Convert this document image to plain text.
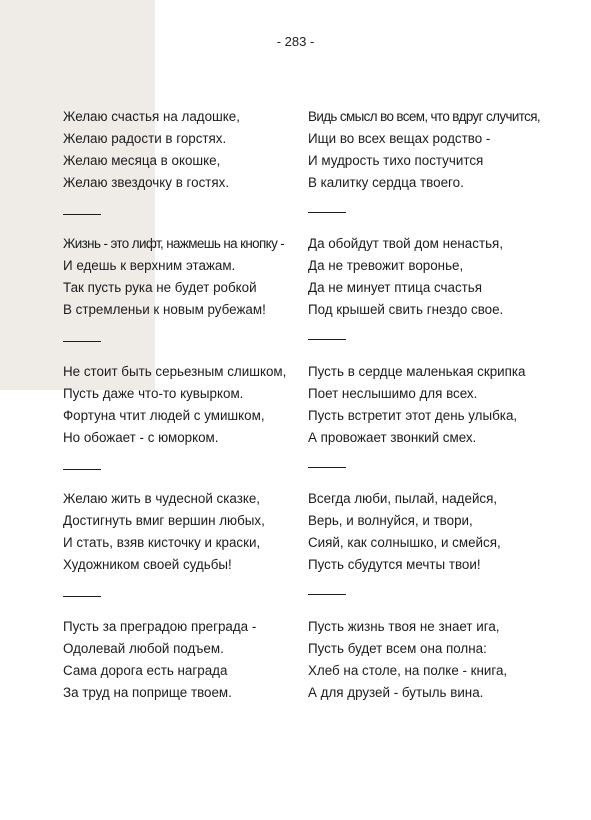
- 283 -
Желаю счастья на ладошке,
Желаю радости в горстях.
Желаю месяца в окошке,
Желаю звездочку в гостях.
Жизнь - это лифт, нажмешь на кнопку -
И едешь к верхним этажам.
Так пусть рука не будет робкой
В стремленьи к новым рубежам!
Не стоит быть серьезным слишком,
Пусть даже что-то кувырком.
Фортуна чтит людей с умишком,
Но обожает - с юморком.
Желаю жить в чудесной сказке,
Достигнуть вмиг вершин любых,
И стать, взяв кисточку и краски,
Художником своей судьбы!
Пусть за преградою преграда -
Одолевай любой подъем.
Сама дорога есть награда
За труд на поприще твоем.
Видь смысл во всем, что вдруг случится,
Ищи во всех вещах родство -
И мудрость тихо постучится
В калитку сердца твоего.
Да обойдут твой дом ненастья,
Да не тревожит воронье,
Да не минует птица счастья
Под крышей свить гнездо свое.
Пусть в сердце маленькая скрипка
Поет неслышимо для всех.
Пусть встретит этот день улыбка,
А провожает звонкий смех.
Всегда люби, пылай, надейся,
Верь, и волнуйся, и твори,
Сияй, как солнышко, и смейся,
Пусть сбудутся мечты твои!
Пусть жизнь твоя не знает ига,
Пусть будет всем она полна:
Хлеб на столе, на полке - книга,
А для друзей - бутыль вина.
